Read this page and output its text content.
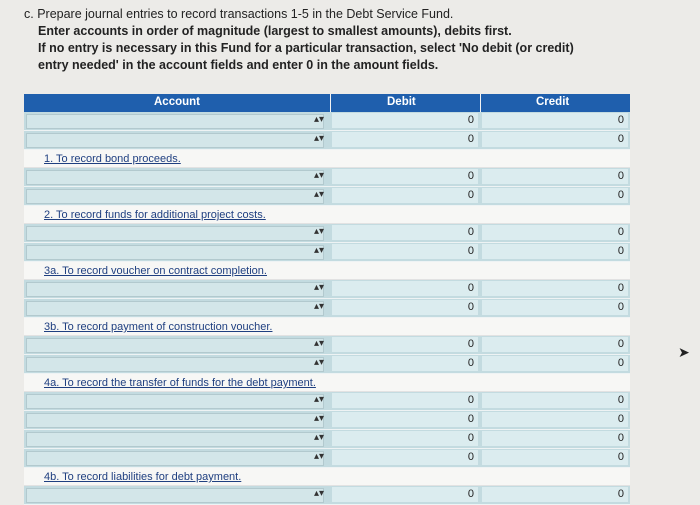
c. Prepare journal entries to record transactions 1-5 in the Debt Service Fund.
Enter accounts in order of magnitude (largest to smallest amounts), debits first.
If no entry is necessary in this Fund for a particular transaction, select 'No debit (or credit)
entry needed' in the account fields and enter 0 in the amount fields.
Account	Debit	Credit
▴▾	0	0
▴▾	0	0
1. To record bond proceeds.
▴▾	0	0
▴▾	0	0
2. To record funds for additional project costs.
▴▾	0	0
▴▾	0	0
3a. To record voucher on contract completion.
▴▾	0	0
▴▾	0	0
3b. To record payment of construction voucher.
▴▾	0	0
▴▾	0	0
4a. To record the transfer of funds for the debt payment.
▴▾	0	0
▴▾	0	0
▴▾	0	0
▴▾	0	0
4b. To record liabilities for debt payment.
▴▾	0	0
➤
